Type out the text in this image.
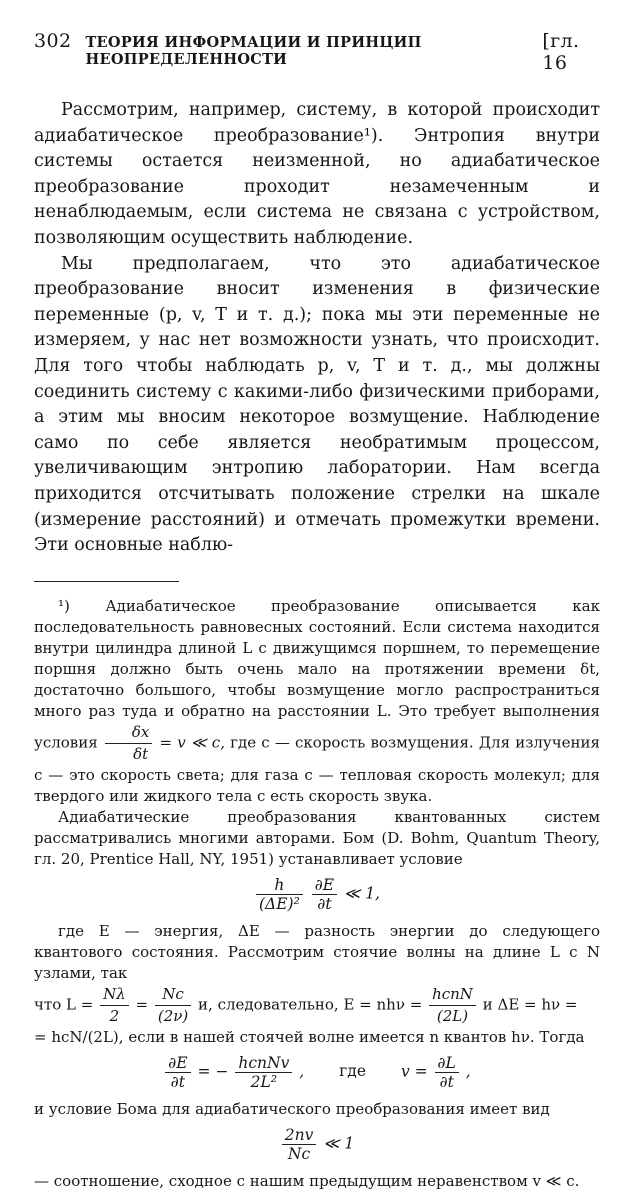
302 ТЕОРИЯ ИНФОРМАЦИИ И ПРИНЦИП НЕОПРЕДЕЛЕННОСТИ
[гл. 16

Рассмотрим, например, систему, в которой происходит адиабатическое преобразование¹). Энтропия внутри системы остается неизменной, но адиабатическое преобразование проходит незамеченным и ненаблюдаемым, если система не связана с устройством, позволяющим осуществить наблюдение.

Мы предполагаем, что это адиабатическое преобразование вносит изменения в физические переменные (p, v, T и т. д.); пока мы эти переменные не измеряем, у нас нет возможности узнать, что происходит. Для того чтобы наблюдать p, v, T и т. д., мы должны соединить систему с какими-либо физическими приборами, а этим мы вносим некоторое возмущение. Наблюдение само по себе является необратимым процессом, увеличивающим энтропию лаборатории. Нам всегда приходится отсчитывать положение стрелки на шкале (измерение расстояний) и отмечать промежутки времени. Эти основные наблю-

¹) Адиабатическое преобразование описывается как последовательность равновесных состояний. Если система находится внутри цилиндра длиной L с движущимся поршнем, то перемещение поршня должно быть очень мало на протяжении времени δt, достаточно большого, чтобы возмущение могло распространиться много раз туда и обратно на расстоянии L. Это требует выполнения условия $\frac{\delta x}{\delta t} = v$ ≪ c, где c — скорость возмущения. Для излучения c — это скорость света; для газа c — тепловая скорость молекул; для твердого или жидкого тела c есть скорость звука.

Адиабатические преобразования квантованных систем рассматривались многими авторами. Бом (D. Bohm, Quantum Theory, гл. 20, Prentice Hall, NY, 1951) устанавливает условие

$\frac{h}{\text{(ΔE)²}}$
$\frac{\partial E}{\partial t}$ ≪ 1,

где E — энергия, ΔE — разность энергии до следующего квантового состояния. Рассмотрим стоячие волны на длине L с N узлами, так

что $L = \frac{N\lambda}{2} = \frac{Nc}{(2\nu)} и$, следовательно, $E = nh\nu = \frac{\text{hcnN}}{(2L)}$ и ΔE = hν =

= hcN/(2L), если в нашей стоячей волне имеется n квантов hν. Тогда

$\frac{\partial E}{\partial t}$ = − $\frac{\text{hcnNv}}{\text{2L²}}$ , где $v = \frac{\partial L}{\partial t}$ ,

и условие Бома для адиабатического преобразования имеет вид

$\frac{2nv}{Nc}$ ≪ 1

— соотношение, сходное с нашим предыдущим неравенством v ≪ c.
